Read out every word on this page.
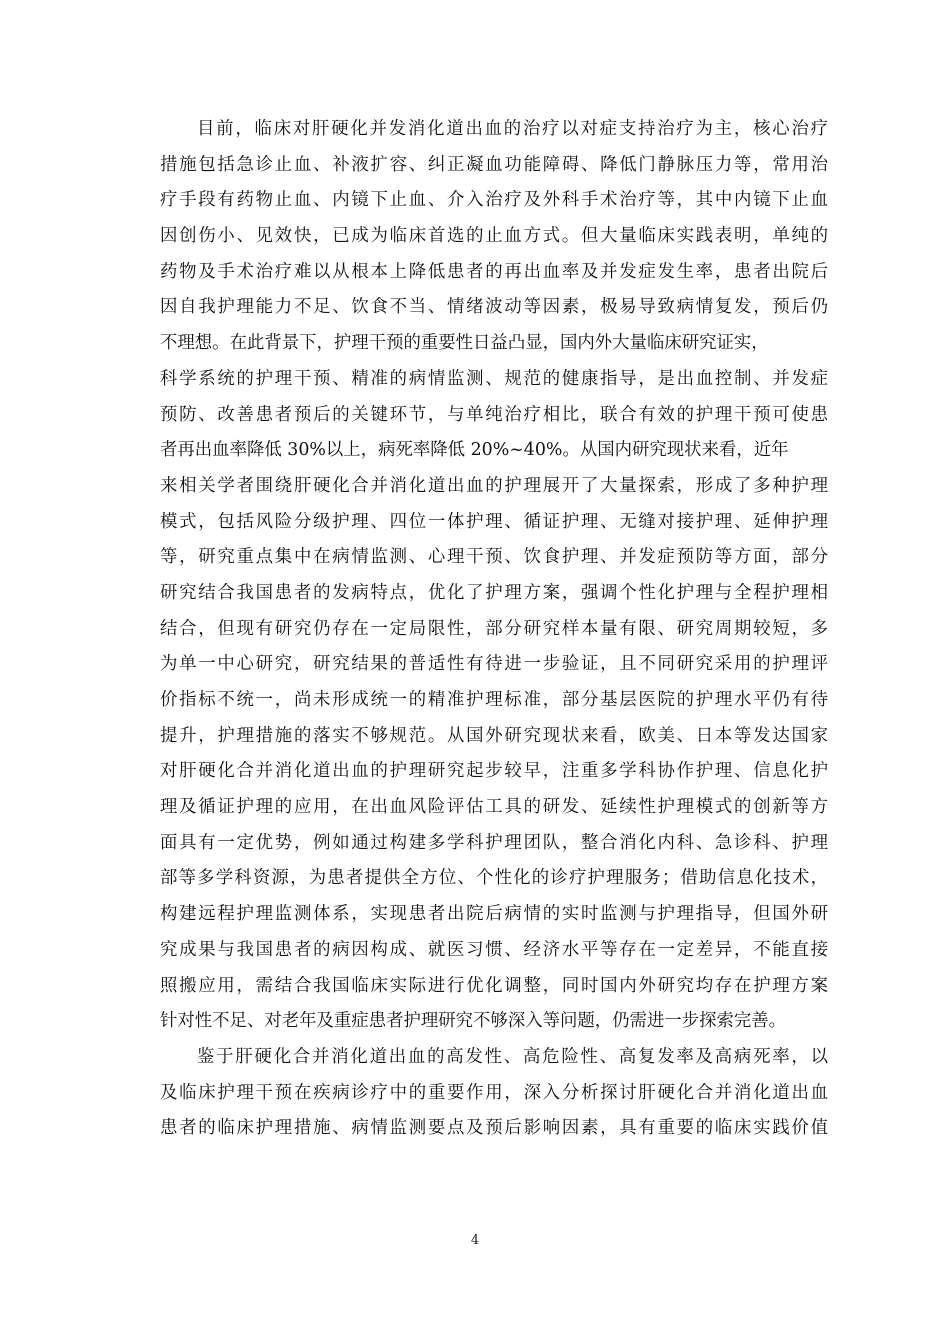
目前，临床对肝硬化并发消化道出血的治疗以对症支持治疗为主，核心治疗
措施包括急诊止血、补液扩容、纠正凝血功能障碍、降低门静脉压力等，常用治
疗手段有药物止血、内镜下止血、介入治疗及外科手术治疗等，其中内镜下止血
因创伤小、见效快，已成为临床首选的止血方式。但大量临床实践表明，单纯的
药物及手术治疗难以从根本上降低患者的再出血率及并发症发生率，患者出院后
因自我护理能力不足、饮食不当、情绪波动等因素，极易导致病情复发，预后仍
不理想。在此背景下，护理干预的重要性日益凸显，国内外大量临床研究证实，
科学系统的护理干预、精准的病情监测、规范的健康指导，是出血控制、并发症
预防、改善患者预后的关键环节，与单纯治疗相比，联合有效的护理干预可使患
者再出血率降低 30%以上，病死率降低 20%~40%。从国内研究现状来看，近年
来相关学者围绕肝硬化合并消化道出血的护理展开了大量探索，形成了多种护理
模式，包括风险分级护理、四位一体护理、循证护理、无缝对接护理、延伸护理
等，研究重点集中在病情监测、心理干预、饮食护理、并发症预防等方面，部分
研究结合我国患者的发病特点，优化了护理方案，强调个性化护理与全程护理相
结合，但现有研究仍存在一定局限性，部分研究样本量有限、研究周期较短，多
为单一中心研究，研究结果的普适性有待进一步验证，且不同研究采用的护理评
价指标不统一，尚未形成统一的精准护理标准，部分基层医院的护理水平仍有待
提升，护理措施的落实不够规范。从国外研究现状来看，欧美、日本等发达国家
对肝硬化合并消化道出血的护理研究起步较早，注重多学科协作护理、信息化护
理及循证护理的应用，在出血风险评估工具的研发、延续性护理模式的创新等方
面具有一定优势，例如通过构建多学科护理团队，整合消化内科、急诊科、护理
部等多学科资源，为患者提供全方位、个性化的诊疗护理服务；借助信息化技术，
构建远程护理监测体系，实现患者出院后病情的实时监测与护理指导，但国外研
究成果与我国患者的病因构成、就医习惯、经济水平等存在一定差异，不能直接
照搬应用，需结合我国临床实际进行优化调整，同时国内外研究均存在护理方案
针对性不足、对老年及重症患者护理研究不够深入等问题，仍需进一步探索完善。
鉴于肝硬化合并消化道出血的高发性、高危险性、高复发率及高病死率，以
及临床护理干预在疾病诊疗中的重要作用，深入分析探讨肝硬化合并消化道出血
患者的临床护理措施、病情监测要点及预后影响因素，具有重要的临床实践价值
4
